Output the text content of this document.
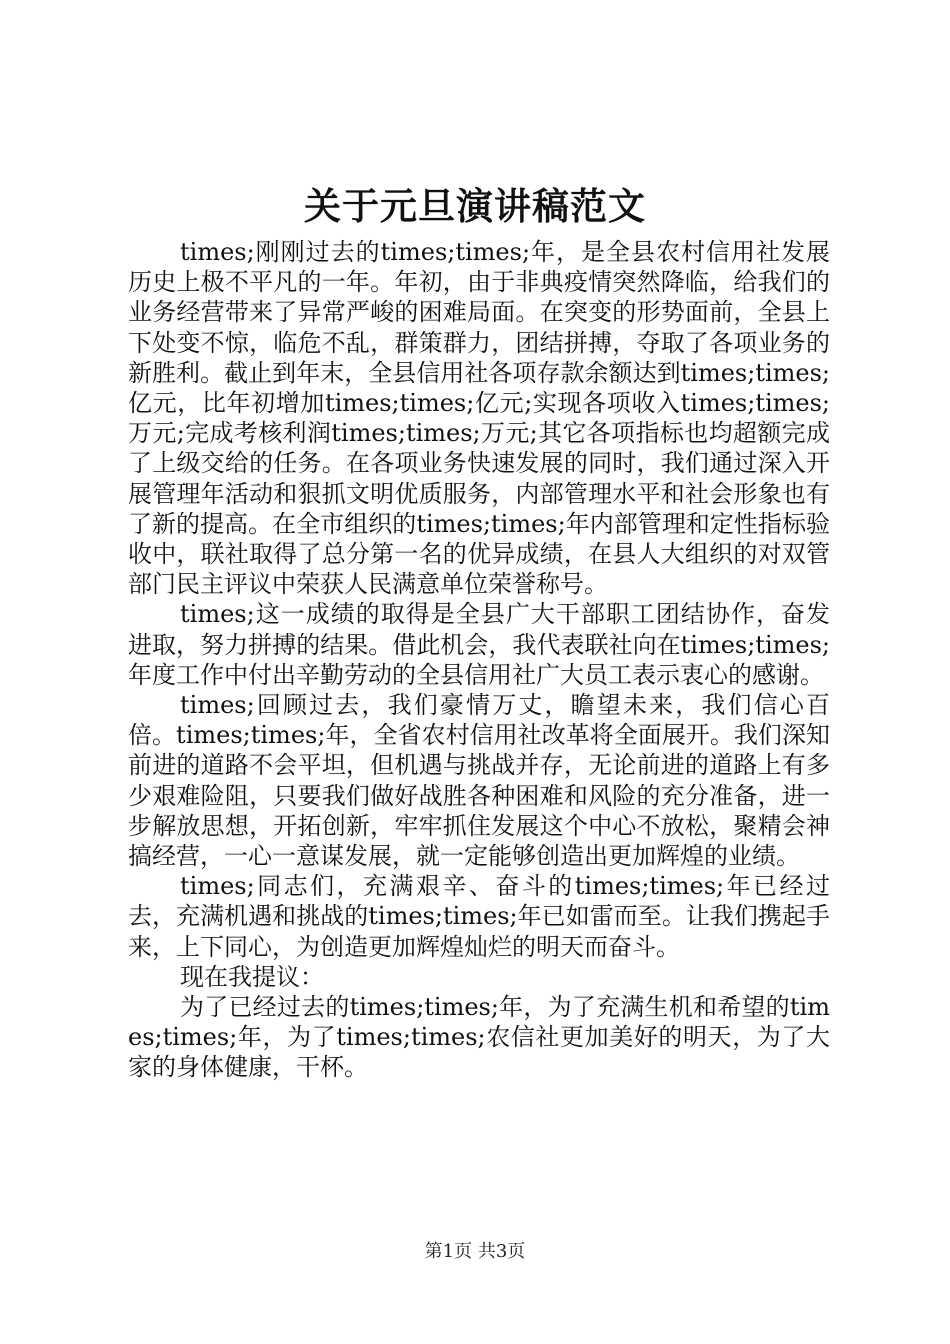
关于元旦演讲稿范文

times;刚刚过去的times;times;年，是全县农村信用社发展历史上极不平凡的一年。年初，由于非典疫情突然降临，给我们的业务经营带来了异常严峻的困难局面。在突变的形势面前，全县上下处变不惊，临危不乱，群策群力，团结拼搏，夺取了各项业务的新胜利。截止到年末，全县信用社各项存款余额达到times;times;亿元，比年初增加times;times;亿元;实现各项收入times;times;万元;完成考核利润times;times;万元;其它各项指标也均超额完成了上级交给的任务。在各项业务快速发展的同时，我们通过深入开展管理年活动和狠抓文明优质服务，内部管理水平和社会形象也有了新的提高。在全市组织的times;times;年内部管理和定性指标验收中，联社取得了总分第一名的优异成绩，在县人大组织的对双管部门民主评议中荣获人民满意单位荣誉称号。

times;这一成绩的取得是全县广大干部职工团结协作，奋发进取，努力拼搏的结果。借此机会，我代表联社向在times;times;年度工作中付出辛勤劳动的全县信用社广大员工表示衷心的感谢。

times;回顾过去，我们豪情万丈，瞻望未来，我们信心百倍。times;times;年，全省农村信用社改革将全面展开。我们深知前进的道路不会平坦，但机遇与挑战并存，无论前进的道路上有多少艰难险阻，只要我们做好战胜各种困难和风险的充分准备，进一步解放思想，开拓创新，牢牢抓住发展这个中心不放松，聚精会神搞经营，一心一意谋发展，就一定能够创造出更加辉煌的业绩。

times;同志们，充满艰辛、奋斗的times;times;年已经过去，充满机遇和挑战的times;times;年已如雷而至。让我们携起手来，上下同心，为创造更加辉煌灿烂的明天而奋斗。

现在我提议：

为了已经过去的times;times;年，为了充满生机和希望的times;times;年，为了times;times;农信社更加美好的明天，为了大家的身体健康，干杯。

第1页 共3页
